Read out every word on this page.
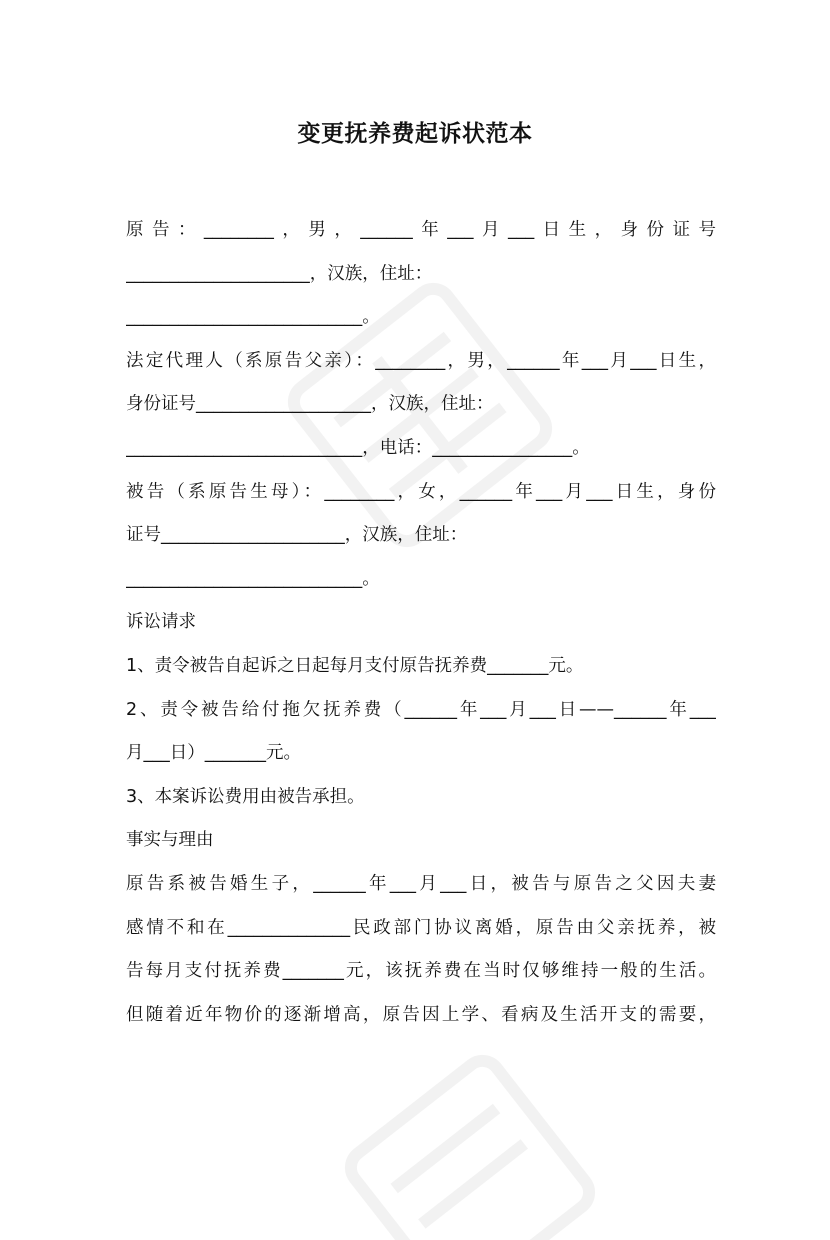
变更抚养费起诉状范本
原告：________，男，______年___月___日生，身份证号
_____________________，汉族，住址：
___________________________。
法定代理人（系原告父亲）：________，男，______年___月___日生，
身份证号____________________，汉族，住址：
___________________________，电话：________________。
被告（系原告生母）：________，女，______年___月___日生，身份
证号_____________________，汉族，住址：
___________________________。
诉讼请求
1、责令被告自起诉之日起每月支付原告抚养费_______元。
2、责令被告给付拖欠抚养费（______年___月___日——______年___
月___日）_______元。
3、本案诉讼费用由被告承担。
事实与理由
原告系被告婚生子，______年___月___日，被告与原告之父因夫妻
感情不和在______________民政部门协议离婚，原告由父亲抚养，被
告每月支付抚养费_______元，该抚养费在当时仅够维持一般的生活。
但随着近年物价的逐渐增高，原告因上学、看病及生活开支的需要，
